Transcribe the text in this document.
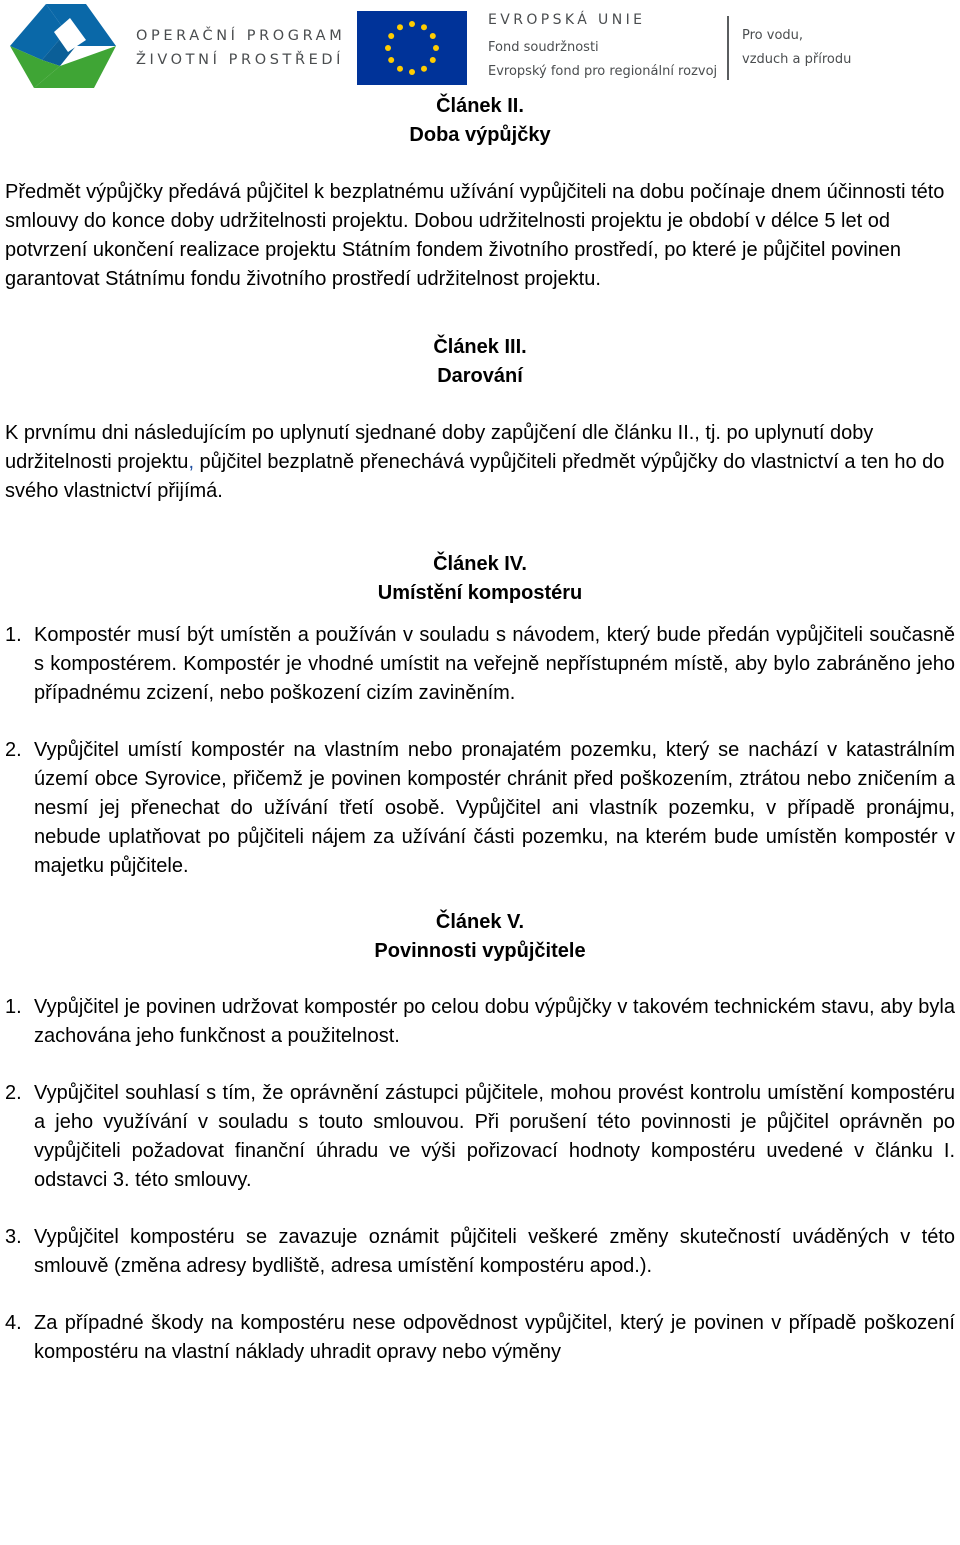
OPERAČNÍ PROGRAM
ŽIVOTNÍ PROSTŘEDÍ
EVROPSKÁ UNIE
Fond soudržnosti
Evropský fond pro regionální rozvoj
Pro vodu,
vzduch a přírodu

Článek II.

Doba výpůjčky

Předmět výpůjčky předává půjčitel k bezplatnému užívání vypůjčiteli na dobu počínaje dnem účinnosti této smlouvy do konce doby udržitelnosti projektu. Dobou udržitelnosti projektu je období v délce 5 let od potvrzení ukončení realizace projektu Státním fondem životního prostředí, po které je půjčitel povinen garantovat Státnímu fondu životního prostředí udržitelnost projektu.

Článek III.

Darování

K prvnímu dni následujícím po uplynutí sjednané doby zapůjčení dle článku II., tj. po uplynutí doby udržitelnosti projektu, půjčitel bezplatně přenechává vypůjčiteli předmět výpůjčky do vlastnictví a ten ho do svého vlastnictví přijímá.

Článek IV.

Umístění kompostéru

1. Kompostér musí být umístěn a používán v souladu s návodem, který bude předán vypůjčiteli současně s kompostérem. Kompostér je vhodné umístit na veřejně nepřístupném místě, aby bylo zabráněno jeho případnému zcizení, nebo poškození cizím zaviněním.
2. Vypůjčitel umístí kompostér na vlastním nebo pronajatém pozemku, který se nachází v katastrálním území obce Syrovice, přičemž je povinen kompostér chránit před poškozením, ztrátou nebo zničením a nesmí jej přenechat do užívání třetí osobě. Vypůjčitel ani vlastník pozemku, v případě pronájmu, nebude uplatňovat po půjčiteli nájem za užívání části pozemku, na kterém bude umístěn kompostér v majetku půjčitele.

Článek V.

Povinnosti vypůjčitele

1. Vypůjčitel je povinen udržovat kompostér po celou dobu výpůjčky v takovém technickém stavu, aby byla zachována jeho funkčnost a použitelnost.
2. Vypůjčitel souhlasí s tím, že oprávnění zástupci půjčitele, mohou provést kontrolu umístění kompostéru a jeho využívání v souladu s touto smlouvou. Při porušení této povinnosti je půjčitel oprávněn po vypůjčiteli požadovat finanční úhradu ve výši pořizovací hodnoty kompostéru uvedené v článku I. odstavci 3. této smlouvy.
3. Vypůjčitel kompostéru se zavazuje oznámit půjčiteli veškeré změny skutečností uváděných v této smlouvě (změna adresy bydliště, adresa umístění kompostéru apod.).
4. Za případné škody na kompostéru nese odpovědnost vypůjčitel, který je povinen v případě poškození kompostéru na vlastní náklady uhradit opravy nebo výměny
